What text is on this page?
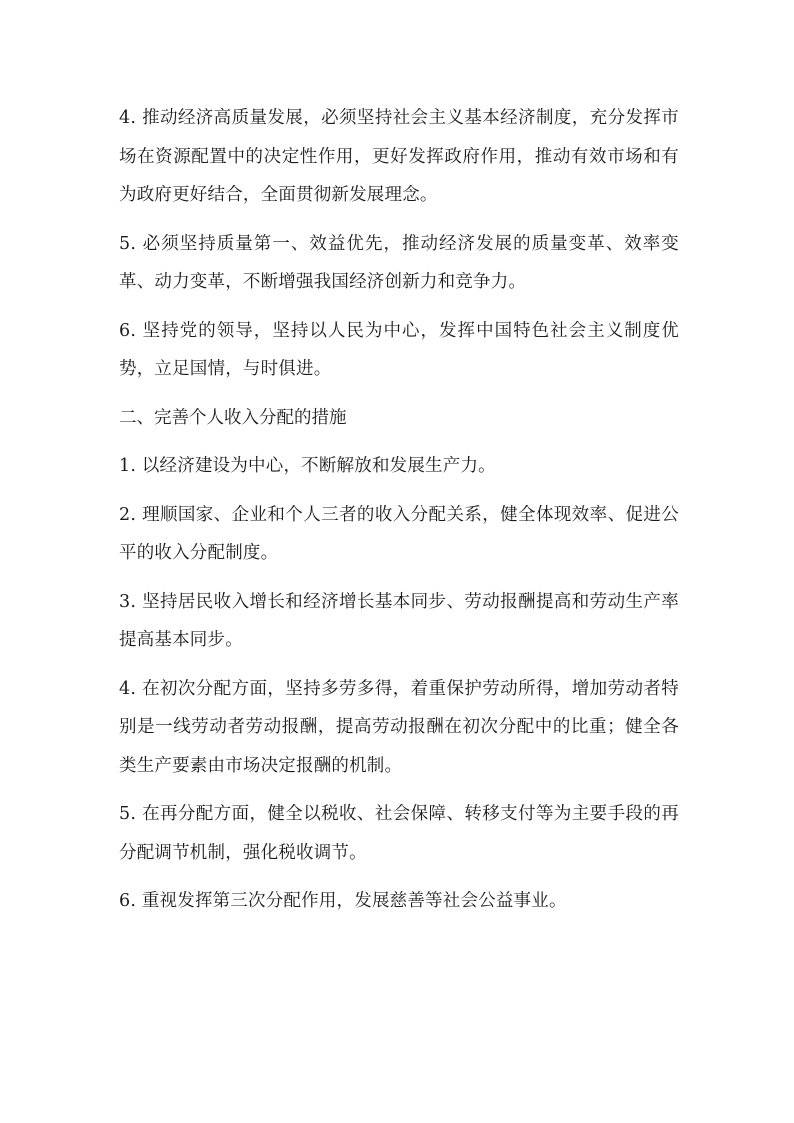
4. 推动经济高质量发展，必须坚持社会主义基本经济制度，充分发挥市场在资源配置中的决定性作用，更好发挥政府作用，推动有效市场和有为政府更好结合，全面贯彻新发展理念。

5. 必须坚持质量第一、效益优先，推动经济发展的质量变革、效率变革、动力变革，不断增强我国经济创新力和竞争力。

6. 坚持党的领导，坚持以人民为中心，发挥中国特色社会主义制度优势，立足国情，与时俱进。

二、完善个人收入分配的措施

1. 以经济建设为中心，不断解放和发展生产力。

2. 理顺国家、企业和个人三者的收入分配关系，健全体现效率、促进公平的收入分配制度。

3. 坚持居民收入增长和经济增长基本同步、劳动报酬提高和劳动生产率提高基本同步。

4. 在初次分配方面，坚持多劳多得，着重保护劳动所得，增加劳动者特别是一线劳动者劳动报酬，提高劳动报酬在初次分配中的比重；健全各类生产要素由市场决定报酬的机制。

5. 在再分配方面，健全以税收、社会保障、转移支付等为主要手段的再分配调节机制，强化税收调节。

6. 重视发挥第三次分配作用，发展慈善等社会公益事业。
